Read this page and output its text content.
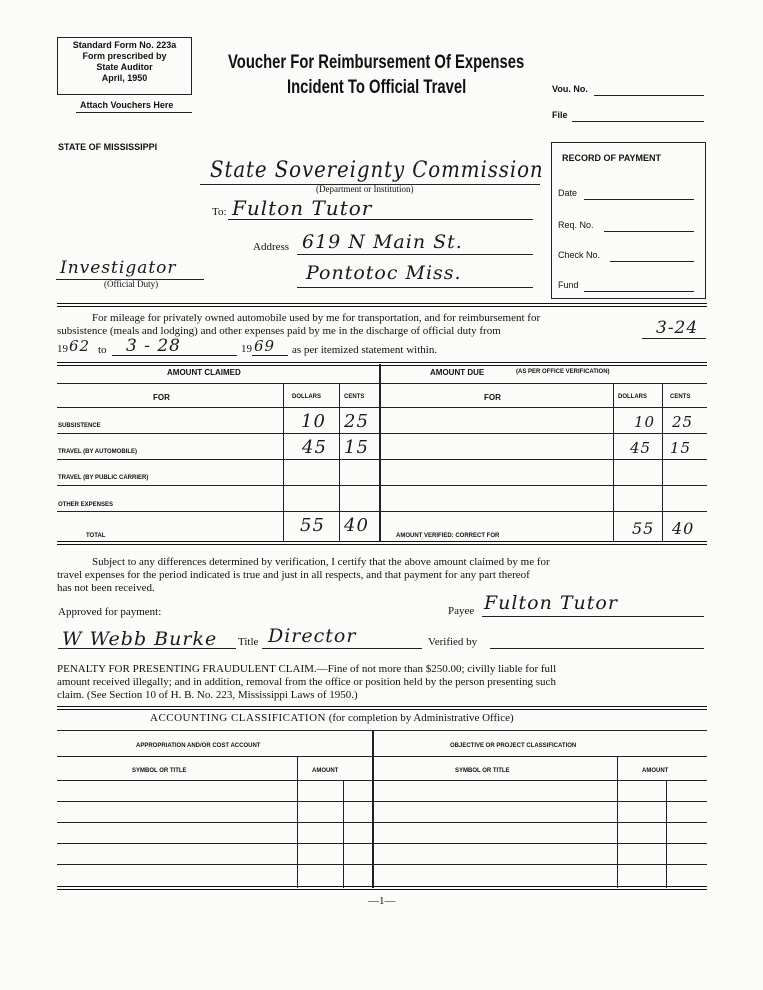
Standard Form No. 223a
Form prescribed by
State Auditor
April, 1950
Attach Vouchers Here
Voucher For Reimbursement Of Expenses
Incident To Official Travel	Vou. No.
File
STATE OF MISSISSIPPI
State Sovereignty Commission
(Department or Institution)
To: Fulton Tutor
Address 619 N Main St.
Pontotoc Miss.
Investigator
(Official Duty)
RECORD OF PAYMENT
Date
Req. No.
Check No.
Fund
For mileage for privately owned automobile used by me for transportation, and for reimbursement for
subsistence (meals and lodging) and other expenses paid by me in the discharge of official duty from	3-24
19 62 to 3 - 28	19 69 as per itemized statement within.
AMOUNT CLAIMED	AMOUNT DUE	(AS PER OFFICE VERIFICATION)
FOR	DOLLARS	CENTS	FOR	DOLLARS	CENTS
SUBSISTENCE	10 25	10 25
TRAVEL (BY AUTOMOBILE)	45 15	45 15
TRAVEL (BY PUBLIC CARRIER)
OTHER EXPENSES
TOTAL	55 40	AMOUNT VERIFIED: CORRECT FOR	55 40
Subject to any differences determined by verification, I certify that the above amount claimed by me for
travel expenses for the period indicated is true and just in all respects, and that payment for any part thereof
has not been received.
Approved for payment:	Payee Fulton Tutor
W Webb Burke Title Director	Verified by
PENALTY FOR PRESENTING FRAUDULENT CLAIM.—Fine of not more than $250.00; civilly liable for full
amount received illegally; and in addition, removal from the office or position held by the person presenting such
claim. (See Section 10 of H. B. No. 223, Mississippi Laws of 1950.)
ACCOUNTING CLASSIFICATION (for completion by Administrative Office)
APPROPRIATION AND/OR COST ACCOUNT	OBJECTIVE OR PROJECT CLASSIFICATION
SYMBOL OR TITLE	AMOUNT	SYMBOL OR TITLE	AMOUNT
—1—
